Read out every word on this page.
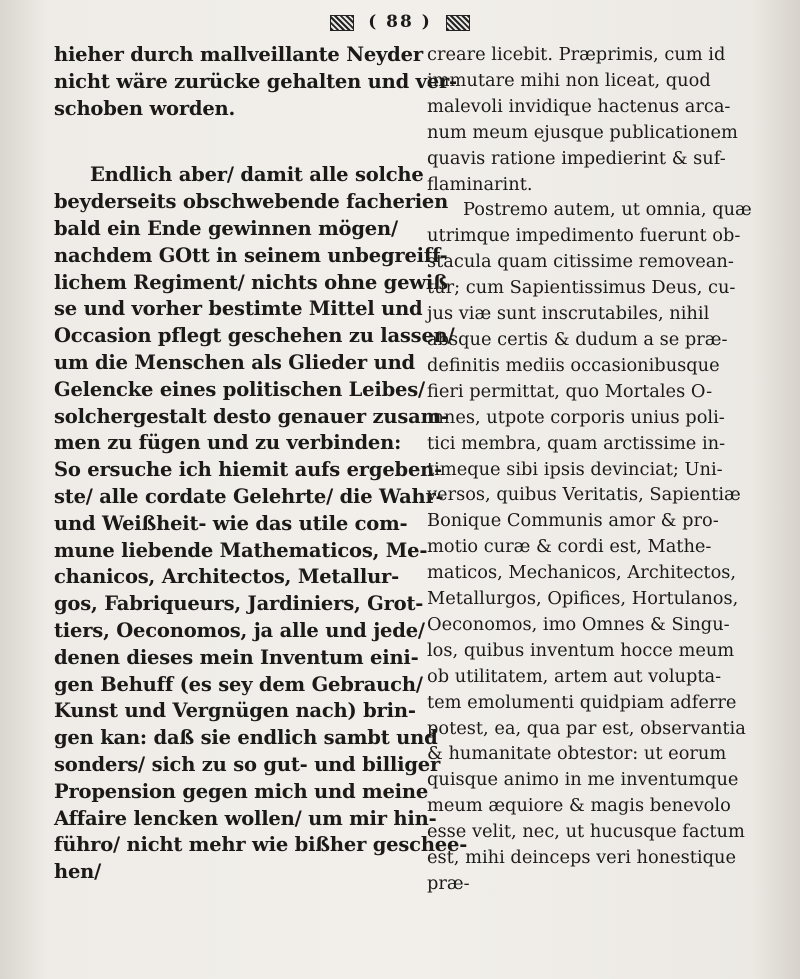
( 88 )
hieher durch mallveillante Neyder
nicht wäre zurücke gehalten und ver-
schoben worden.
Endlich aber/ damit alle solche
beyderseits obschwebende facherien
bald ein Ende gewinnen mögen/
nachdem GOtt in seinem unbegreiff-
lichem Regiment/ nichts ohne gewiß
se und vorher bestimte Mittel und
Occasion pflegt geschehen zu lassen/
um die Menschen als Glieder und
Gelencke eines politischen Leibes/
solchergestalt desto genauer zusam-
men zu fügen und zu verbinden:
So ersuche ich hiemit aufs ergeben-
ste/ alle cordate Gelehrte/ die Wahr-
und Weißheit- wie das utile com-
mune liebende Mathematicos, Me-
chanicos, Architectos, Metallur-
gos, Fabriqueurs, Jardiniers, Grot-
tiers, Oeconomos, ja alle und jede/
denen dieses mein Inventum eini-
gen Behuff (es sey dem Gebrauch/
Kunst und Vergnügen nach) brin-
gen kan: daß sie endlich sambt und
sonders/ sich zu so gut- und billiger
Propension gegen mich und meine
Affaire lencken wollen/ um mir hin-
führo/ nicht mehr wie bißher geschee-
hen/
creare licebit. Præprimis, cum id
immutare mihi non liceat, quod
malevoli invidique hactenus arca-
num meum ejusque publicationem
quavis ratione impedierint & suf-
flaminarint.
Postremo autem, ut omnia, quæ
utrimque impedimento fuerunt ob-
stacula quam citissime removean-
tur; cum Sapientissimus Deus, cu-
jus viæ sunt inscrutabiles, nihil
absque certis & dudum a se præ-
definitis mediis occasionibusque
fieri permittat, quo Mortales O-
mnes, utpote corporis unius poli-
tici membra, quam arctissime in-
timeque sibi ipsis devinciat; Uni-
versos, quibus Veritatis, Sapientiæ
Bonique Communis amor & pro-
motio curæ & cordi est, Mathe-
maticos, Mechanicos, Architectos,
Metallurgos, Opifices, Hortulanos,
Oeconomos, imo Omnes & Singu-
los, quibus inventum hocce meum
ob utilitatem, artem aut volupta-
tem emolumenti quidpiam adferre
potest, ea, qua par est, observantia
& humanitate obtestor: ut eorum
quisque animo in me inventumque
meum æquiore & magis benevolo
esse velit, nec, ut hucusque factum
est, mihi deinceps veri honestique
præ-
